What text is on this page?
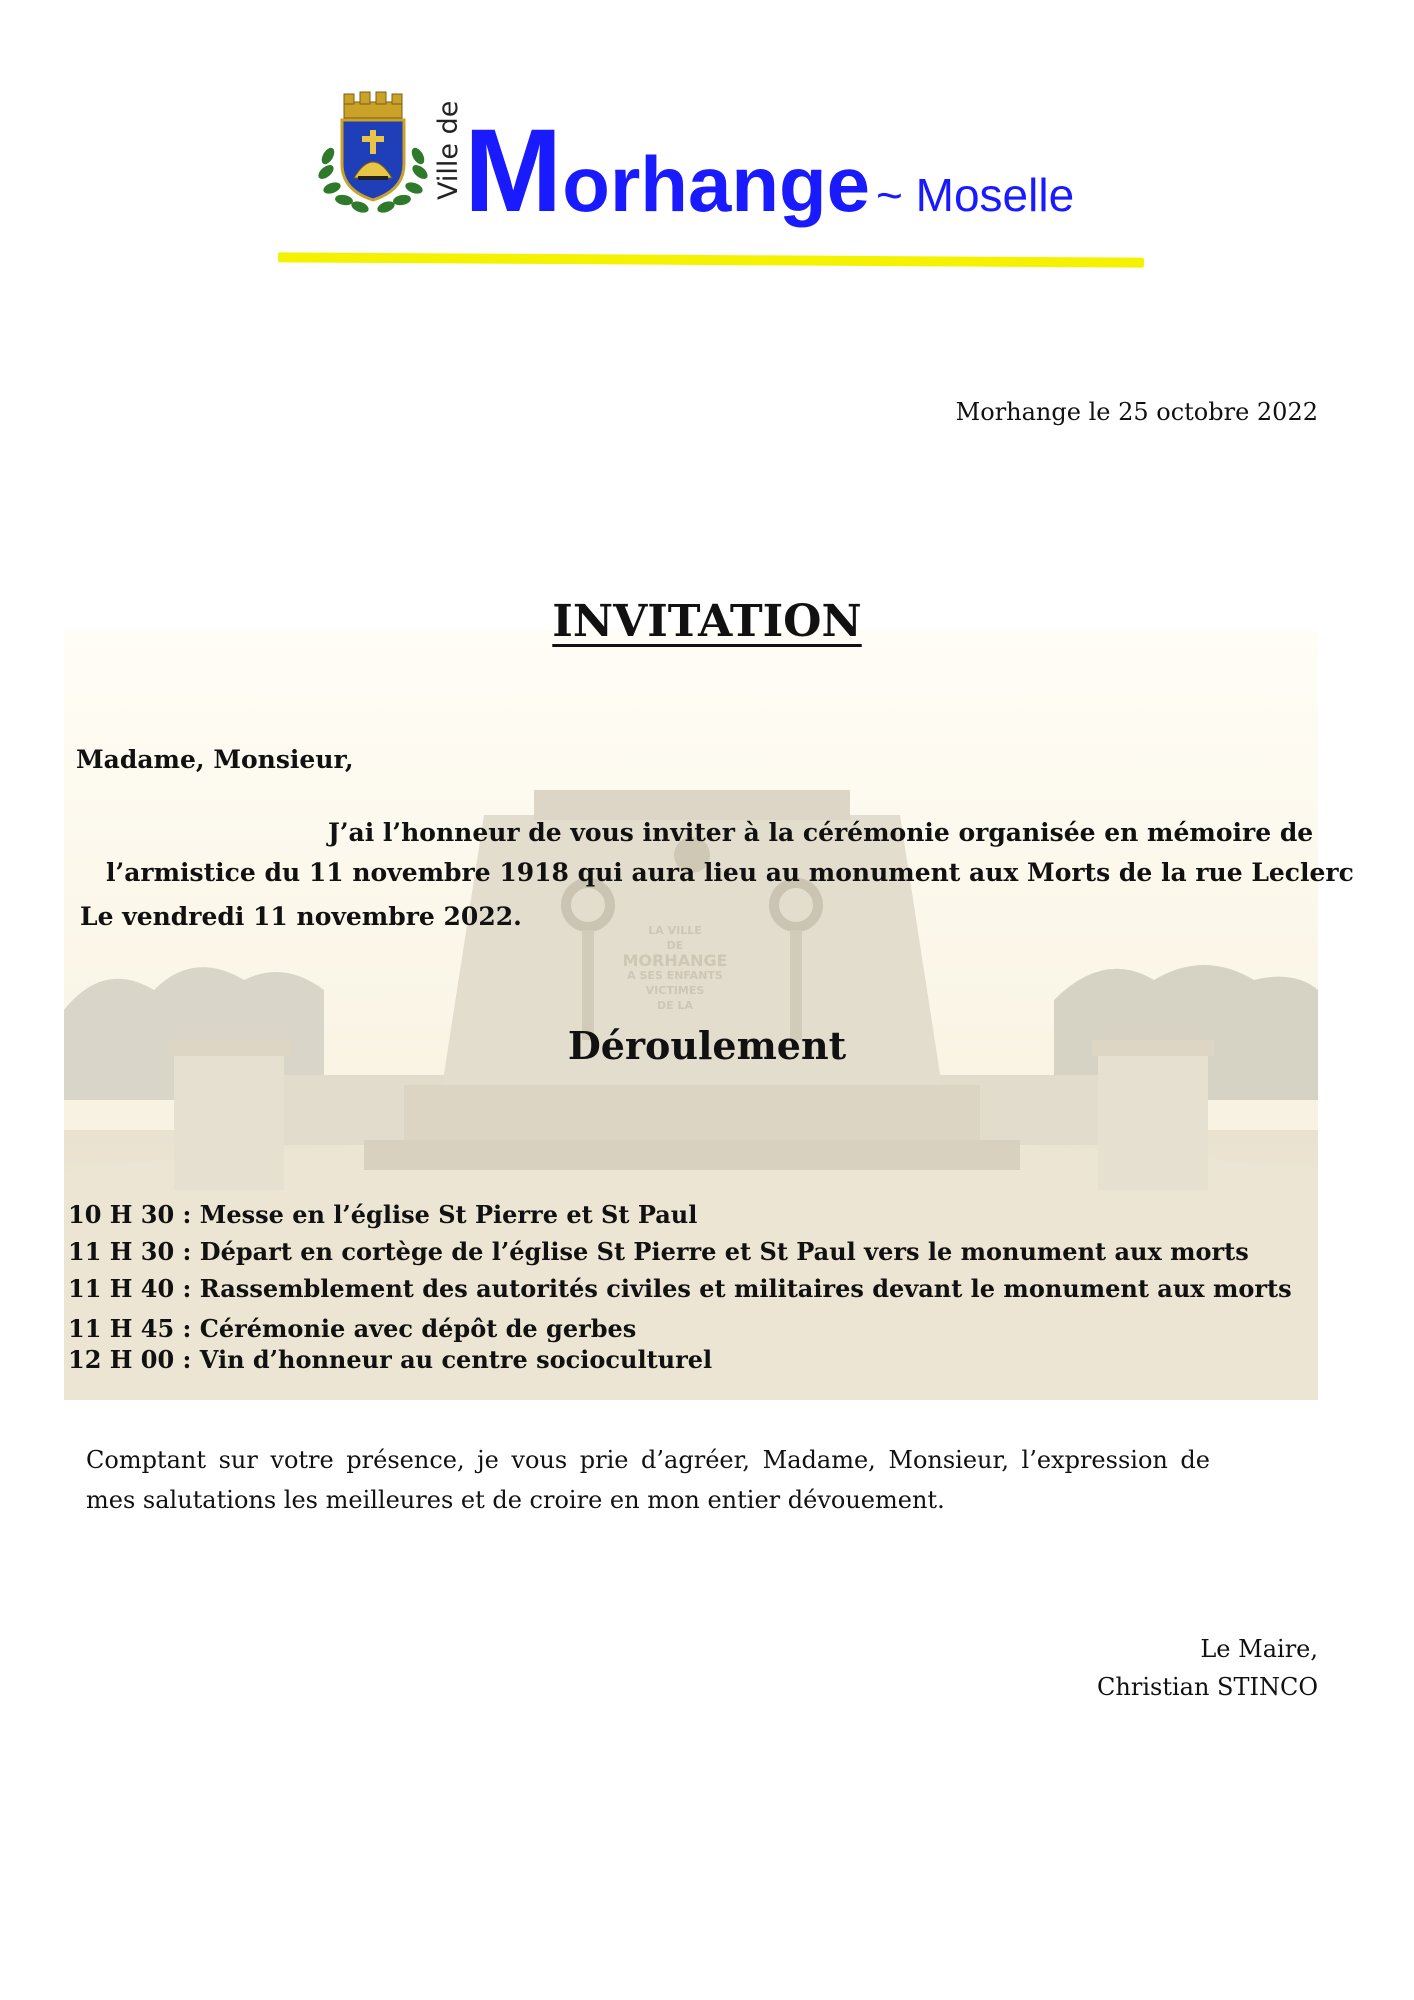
Ville de Morhange ~ Moselle
Morhange le 25 octobre 2022
LA VILLE
DE
MORHANGE
A SES ENFANTS
VICTIMES
DE LA
INVITATION
Madame, Monsieur,
J’ai l’honneur de vous inviter à la cérémonie organisée en mémoire de
l’armistice du 11 novembre 1918 qui aura lieu au monument aux Morts de la rue Leclerc
Le vendredi 11 novembre 2022.
Déroulement
10 H 30 : Messe en l’église St Pierre et St Paul
11 H 30 : Départ en cortège de l’église St Pierre et St Paul vers le monument aux morts
11 H 40 : Rassemblement des autorités civiles et militaires devant le monument aux morts
11 H 45 : Cérémonie avec dépôt de gerbes
12 H 00 : Vin d’honneur au centre socioculturel
Comptant sur votre présence, je vous prie d’agréer, Madame, Monsieur, l’expression de mes salutations les meilleures et de croire en mon entier dévouement.
Le Maire,
Christian STINCO
